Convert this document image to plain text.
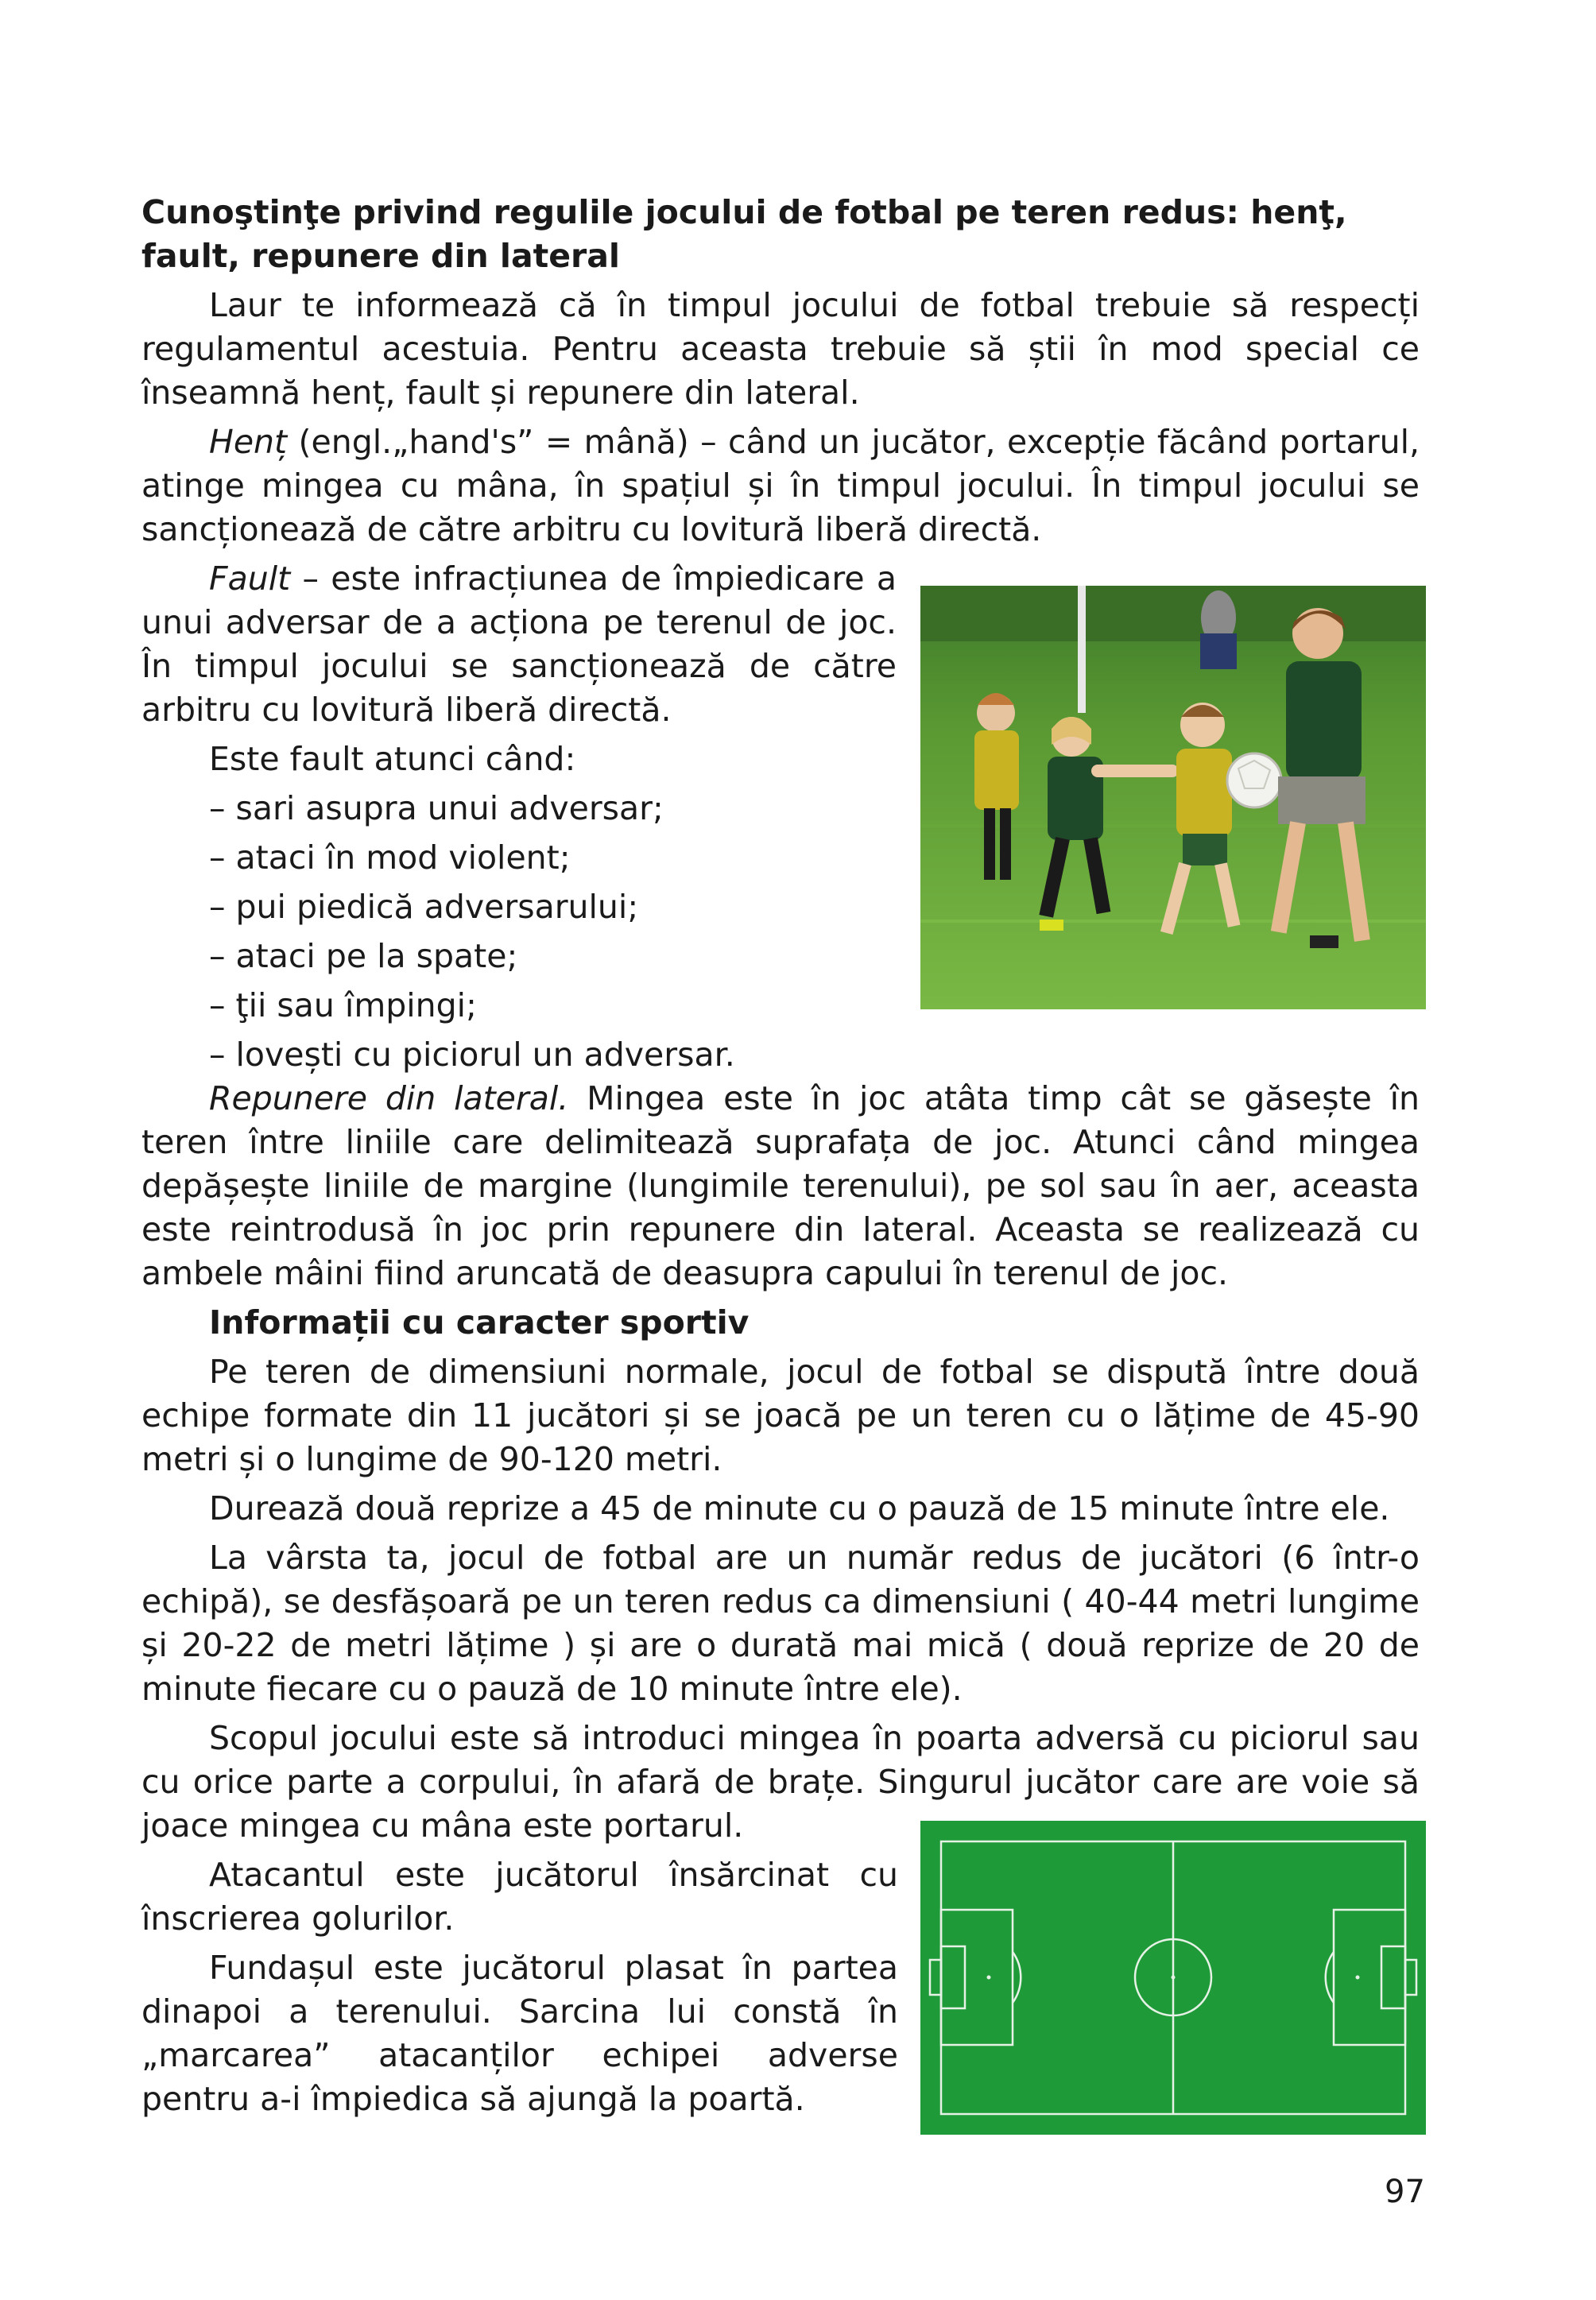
Cunoştinţe privind regulile jocului de fotbal pe teren redus: henţ, fault, repunere din lateral

Laur te informează că în timpul jocului de fotbal trebuie să respecți regulamentul acestuia. Pentru aceasta trebuie să știi în mod special ce înseamnă henț, fault și repunere din lateral.

Henț (engl.„hand's” = mână) – când un jucător, excepție făcând portarul, atinge mingea cu mâna, în spațiul și în timpul jocului. În timpul jocului se sancționează de către arbitru cu lovitură liberă directă.

Fault – este infracțiunea de împiedicare a unui adversar de a acționa pe terenul de joc. În timpul jocului se sancționează de către arbitru cu lovitură liberă directă.

Este fault atunci când:

– sari asupra unui adversar;

– ataci în mod violent;

– pui piedică adversarului;

– ataci pe la spate;

– ţii sau împingi;

– lovești cu piciorul un adversar.

Repunere din lateral. Mingea este în joc atâta timp cât se găsește în teren între liniile care delimitează suprafața de joc. Atunci când mingea depășește liniile de margine (lungimile terenului), pe sol sau în aer, aceasta este reintrodusă în joc prin repunere din lateral. Aceasta se realizează cu ambele mâini fiind aruncată de deasupra capului în terenul de joc.

Informații cu caracter sportiv

Pe teren de dimensiuni normale, jocul de fotbal se dispută între două echipe formate din 11 jucători și se joacă pe un teren cu o lățime de 45-90 metri și o lungime de 90-120 metri.

Durează două reprize a 45 de minute cu o pauză de 15 minute între ele.

La vârsta ta, jocul de fotbal are un număr redus de jucători (6 într-o echipă), se desfășoară pe un teren redus ca dimensiuni ( 40-44 metri lungime și 20-22 de metri lățime ) și are o durată mai mică ( două reprize de 20 de minute fiecare cu o pauză de 10 minute între ele).

Scopul jocului este să introduci mingea în poarta adversă cu piciorul sau cu orice parte a corpului, în afară de brațe. Singurul jucător care are voie să joace mingea cu mâna este portarul.

Atacantul este jucătorul însărcinat cu înscrierea golurilor.

Fundașul este jucătorul plasat în partea dinapoi a terenului. Sarcina lui constă în „marcarea” atacanților echipei adverse pentru a-i împiedica să ajungă la poartă.

97
